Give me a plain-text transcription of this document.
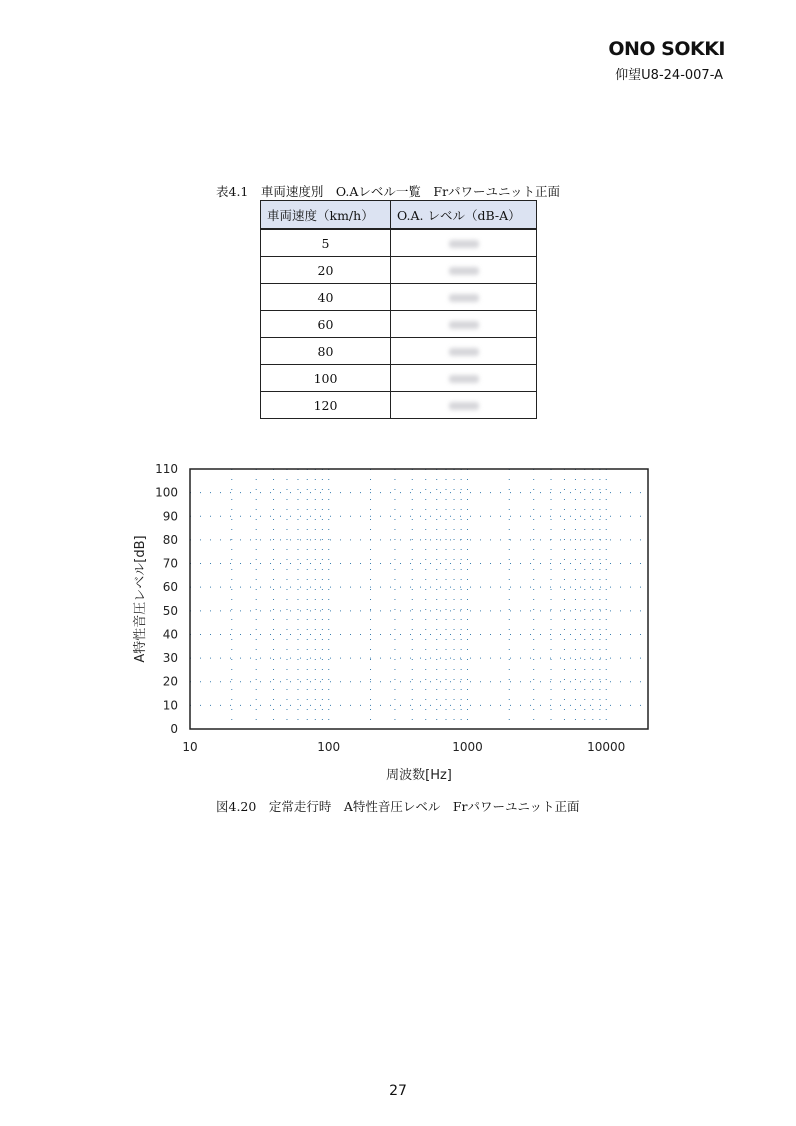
ONO SOKKI
仰望U8-24-007-A
表4.1　車両速度別　O.Aレベル一覧　Frパワーユニット正面
車両速度（km/h）	O.A. レベル（dB-A）
5	
20	
40	
60	
80	
100	
120	
0
10
20
30
40
50
60
70
80
90
100
110
10	100	1000	10000
周波数[Hz]
A特性音圧レベル[dB]
図4.20　定常走行時　A特性音圧レベル　Frパワーユニット正面
27
